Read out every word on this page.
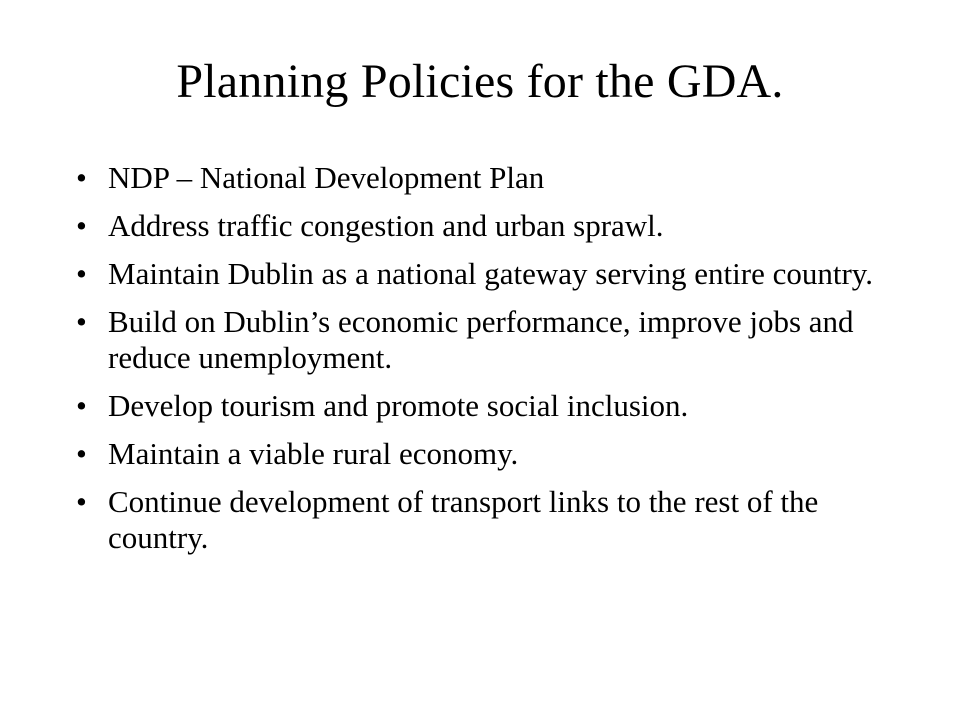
Planning Policies for the GDA.
• NDP – National Development Plan
• Address traffic congestion and urban sprawl.
• Maintain Dublin as a national gateway serving entire country.
• Build on Dublin’s economic performance, improve jobs and reduce unemployment.
• Develop tourism and promote social inclusion.
• Maintain a viable rural economy.
• Continue development of transport links to the rest of the country.
